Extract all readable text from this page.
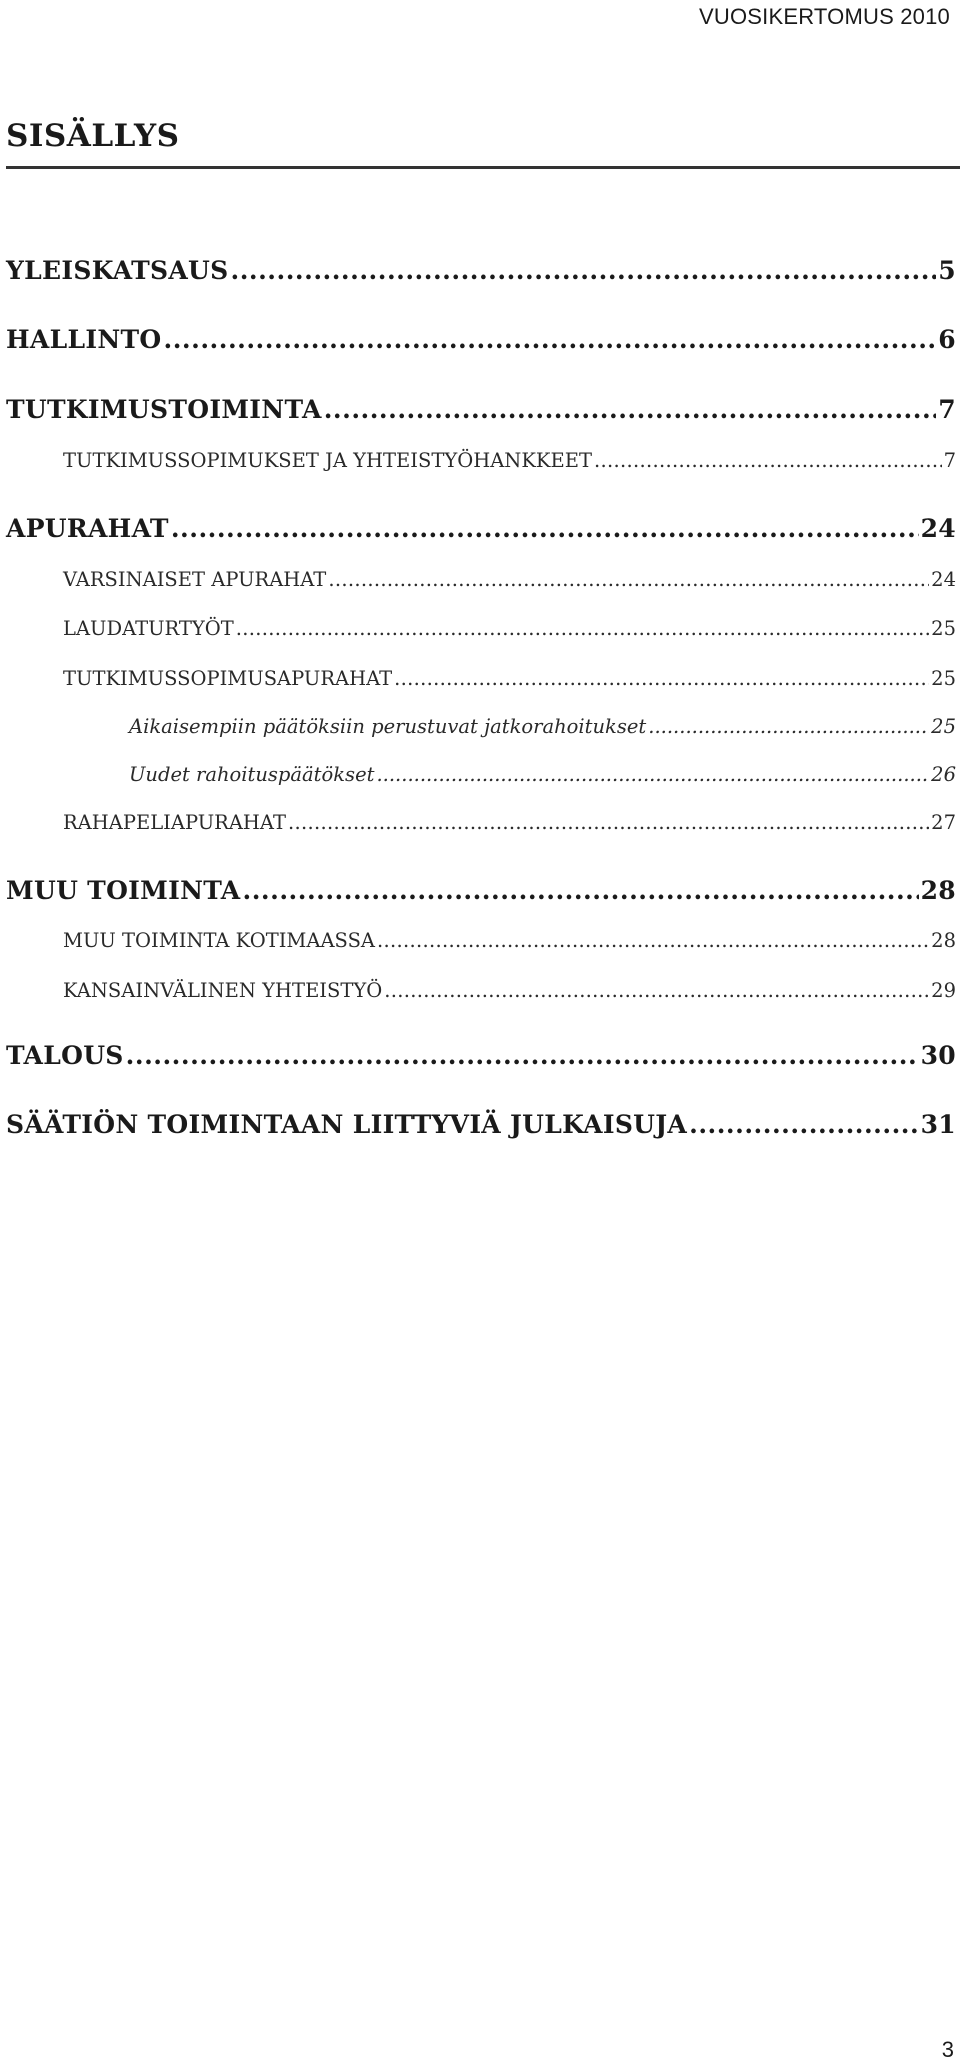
VUOSIKERTOMUS 2010
SISÄLLYS
YLEISKATSAUS .....	5
HALLINTO .....	6
TUTKIMUSTOIMINTA .....	7
TUTKIMUSSOPIMUKSET JA YHTEISTYÖHANKKEET .....	7
APURAHAT .....	24
VARSINAISET APURAHAT .....	24
LAUDATURTYÖT .....	25
TUTKIMUSSOPIMUSAPURAHAT .....	25
Aikaisempiin päätöksiin perustuvat jatkorahoitukset .....	25
Uudet rahoituspäätökset .....	26
RAHAPELIAPURAHAT .....	27
MUU TOIMINTA .....	28
MUU TOIMINTA KOTIMAASSA .....	28
KANSAINVÄLINEN YHTEISTYÖ .....	29
TALOUS .....	30
SÄÄTIÖN TOIMINTAAN LIITTYVIÄ JULKAISUJA .....	31
3
